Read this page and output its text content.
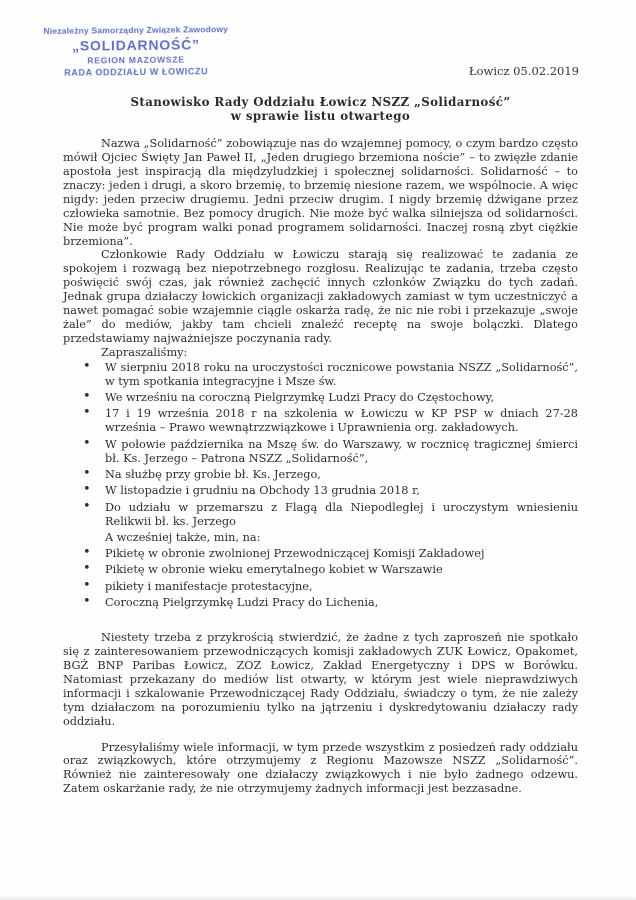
Niezależny Samorządny Związek Zawodowy
„SOLIDARNOŚĆ”
REGION MAZOWSZE
RADA ODDZIAŁU W ŁOWICZU	Łowicz 05.02.2019
Stanowisko Rady Oddziału Łowicz NSZZ „Solidarność”
w sprawie listu otwartego

Nazwa „Solidarność” zobowiązuje nas do wzajemnej pomocy, o czym bardzo często mówił Ojciec Święty Jan Paweł II, „Jeden drugiego brzemiona noście” – to zwięzłe zdanie apostoła jest inspiracją dla międzyludzkiej i społecznej solidarności. Solidarność – to znaczy: jeden i drugi, a skoro brzemię, to brzemię niesione razem, we wspólnocie. A więc nigdy: jeden przeciw drugiemu. Jedni przeciw drugim. I nigdy brzemię dźwigane przez człowieka samotnie. Bez pomocy drugich. Nie może być walka silniejsza od solidarności. Nie może być program walki ponad programem solidarności. Inaczej rosną zbyt ciężkie brzemiona”.

Członkowie Rady Oddziału w Łowiczu starają się realizować te zadania ze spokojem i rozwagą bez niepotrzebnego rozgłosu. Realizując te zadania, trzeba często poświęcić swój czas, jak również zachęcić innych członków Związku do tych zadań. Jednak grupa działaczy łowickich organizacji zakładowych zamiast w tym uczestniczyć a nawet pomagać sobie wzajemnie ciągle oskarża radę, że nic nie robi i przekazuje „swoje żale” do mediów, jakby tam chcieli znaleźć receptę na swoje bolączki. Dlatego przedstawiamy najważniejsze poczynania rady.

Zapraszaliśmy:

• W sierpniu 2018 roku na uroczystości rocznicowe powstania NSZZ „Solidarność”, w tym spotkania integracyjne i Msze św.
• We wrześniu na coroczną Pielgrzymkę Ludzi Pracy do Częstochowy,
• 17 i 19 września 2018 r na szkolenia w Łowiczu w KP PSP w dniach 27-28 września – Prawo wewnątrzzwiązkowe i Uprawnienia org. zakładowych.
• W połowie października na Mszę św. do Warszawy, w rocznicę tragicznej śmierci bł. Ks. Jerzego – Patrona NSZZ „Solidarność”,
• Na służbę przy grobie bł. Ks. Jerzego,
• W listopadzie i grudniu na Obchody 13 grudnia 2018 r,
• Do udziału w przemarszu z Flagą dla Niepodległej i uroczystym wniesieniu Relikwii bł. ks. Jerzego
A wcześniej także, min, na:
• Pikietę w obronie zwolnionej Przewodniczącej Komisji Zakładowej
• Pikietę w obronie wieku emerytalnego kobiet w Warszawie
• pikiety i manifestacje protestacyjne,
• Coroczną Pielgrzymkę Ludzi Pracy do Lichenia,

Niestety trzeba z przykrością stwierdzić, że żadne z tych zaproszeń nie spotkało się z zainteresowaniem przewodniczących komisji zakładowych ZUK Łowicz, Opakomet, BGŻ BNP Paribas Łowicz, ZOZ Łowicz, Zakład Energetyczny i DPS w Borówku. Natomiast przekazany do mediów list otwarty, w którym jest wiele nieprawdziwych informacji i szkalowanie Przewodniczącej Rady Oddziału, świadczy o tym, że nie zależy tym działaczom na porozumieniu tylko na jątrzeniu i dyskredytowaniu działaczy rady oddziału.

Przesyłaliśmy wiele informacji, w tym przede wszystkim z posiedzeń rady oddziału oraz związkowych, które otrzymujemy z Regionu Mazowsze NSZZ „Solidarność”. Również nie zainteresowały one działaczy związkowych i nie było żadnego odzewu. Zatem oskarżanie rady, że nie otrzymujemy żadnych informacji jest bezzasadne.
